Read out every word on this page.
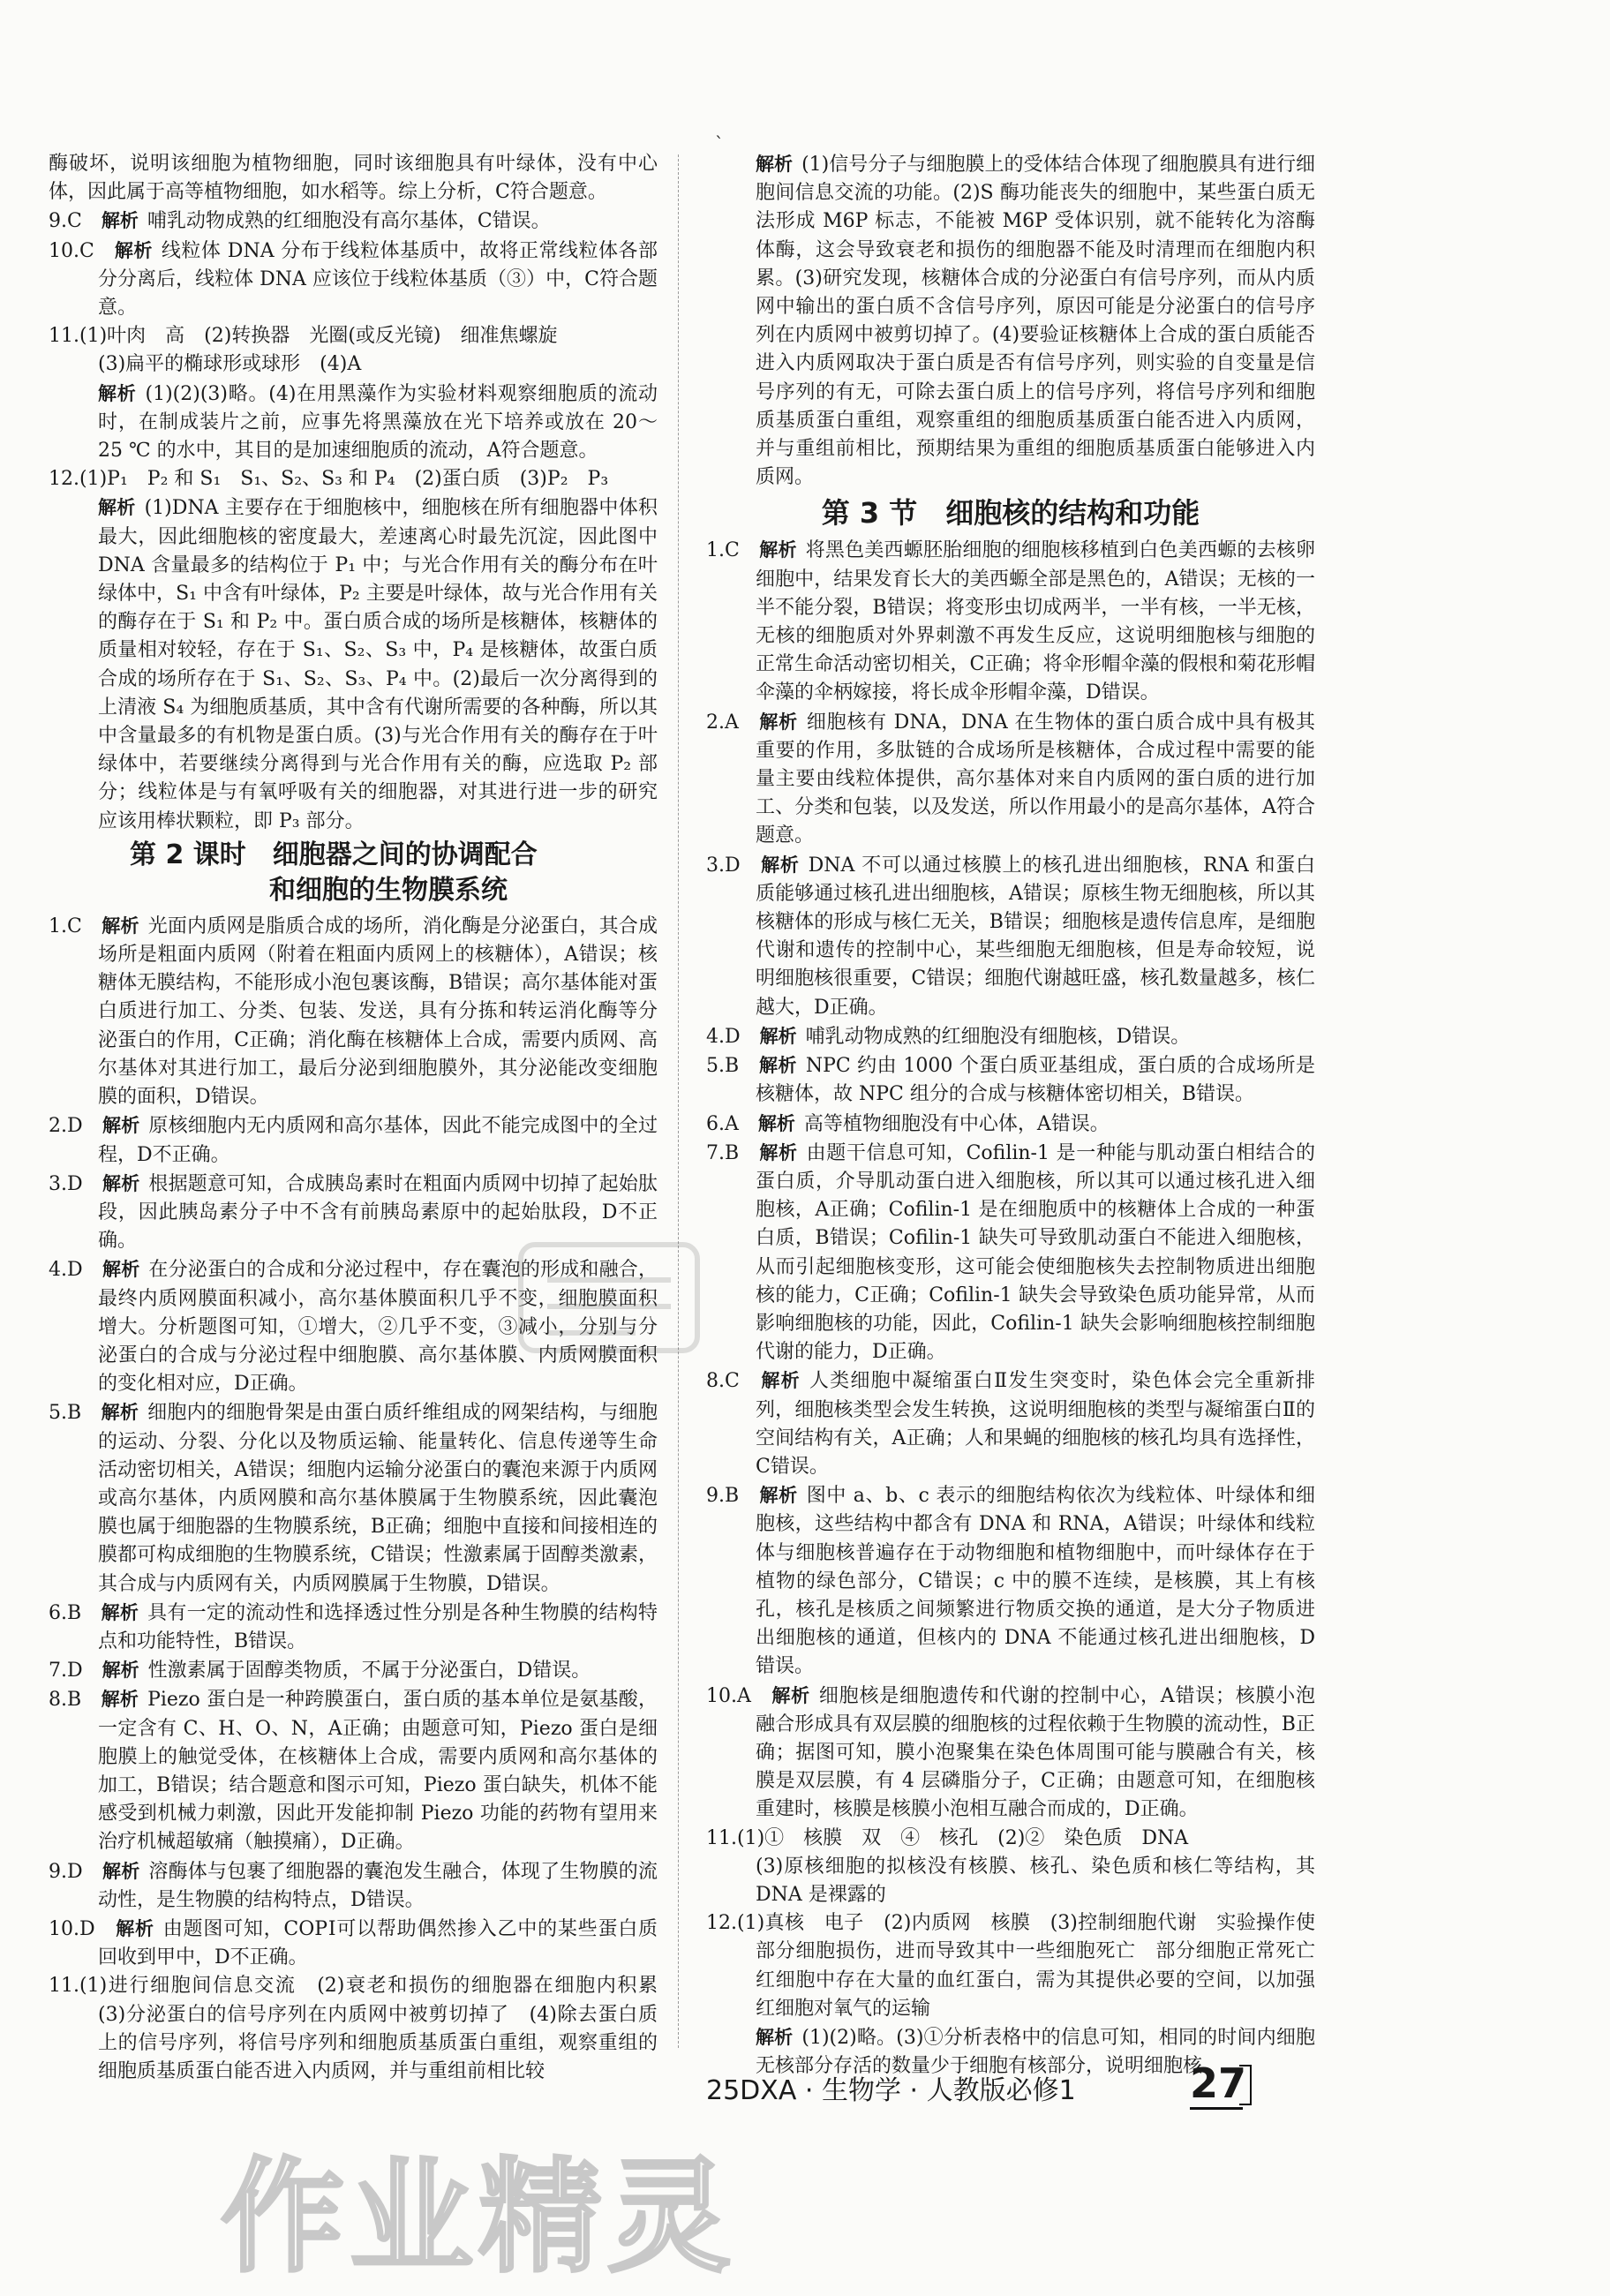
`

酶破坏，说明该细胞为植物细胞，同时该细胞具有叶绿体，没有中心体，因此属于高等植物细胞，如水稻等。综上分析，C符合题意。

9.C　 解析 哺乳动物成熟的红细胞没有高尔基体，C错误。

10.C　 解析 线粒体 DNA 分布于线粒体基质中，故将正常线粒体各部分分离后，线粒体 DNA 应该位于线粒体基质（③）中，C符合题意。

11.(1)叶肉　高　(2)转换器　光圈(或反光镜)　细准焦螺旋

(3)扁平的椭球形或球形　(4)A

解析 (1)(2)(3)略。(4)在用黑藻作为实验材料观察细胞质的流动时，在制成装片之前，应事先将黑藻放在光下培养或放在 20～25 ℃ 的水中，其目的是加速细胞质的流动，A符合题意。

12.(1)P₁　P₂ 和 S₁　S₁、S₂、S₃ 和 P₄　(2)蛋白质　(3)P₂　P₃

解析 (1)DNA 主要存在于细胞核中，细胞核在所有细胞器中体积最大，因此细胞核的密度最大，差速离心时最先沉淀，因此图中 DNA 含量最多的结构位于 P₁ 中；与光合作用有关的酶分布在叶绿体中，S₁ 中含有叶绿体，P₂ 主要是叶绿体，故与光合作用有关的酶存在于 S₁ 和 P₂ 中。蛋白质合成的场所是核糖体，核糖体的质量相对较轻，存在于 S₁、S₂、S₃ 中，P₄ 是核糖体，故蛋白质合成的场所存在于 S₁、S₂、S₃、P₄ 中。(2)最后一次分离得到的上清液 S₄ 为细胞质基质，其中含有代谢所需要的各种酶，所以其中含量最多的有机物是蛋白质。(3)与光合作用有关的酶存在于叶绿体中，若要继续分离得到与光合作用有关的酶，应选取 P₂ 部分；线粒体是与有氧呼吸有关的细胞器，对其进行进一步的研究应该用棒状颗粒，即 P₃ 部分。

第 2 课时　细胞器之间的协调配合
和细胞的生物膜系统

1.C　 解析 光面内质网是脂质合成的场所，消化酶是分泌蛋白，其合成场所是粗面内质网（附着在粗面内质网上的核糖体），A错误；核糖体无膜结构，不能形成小泡包裹该酶，B错误；高尔基体能对蛋白质进行加工、分类、包装、发送，具有分拣和转运消化酶等分泌蛋白的作用，C正确；消化酶在核糖体上合成，需要内质网、高尔基体对其进行加工，最后分泌到细胞膜外，其分泌能改变细胞膜的面积，D错误。

2.D　 解析 原核细胞内无内质网和高尔基体，因此不能完成图中的全过程，D不正确。

3.D　 解析 根据题意可知，合成胰岛素时在粗面内质网中切掉了起始肽段，因此胰岛素分子中不含有前胰岛素原中的起始肽段，D不正确。

4.D　 解析 在分泌蛋白的合成和分泌过程中，存在囊泡的形成和融合，最终内质网膜面积减小，高尔基体膜面积几乎不变，细胞膜面积增大。分析题图可知，①增大，②几乎不变，③减小，分别与分泌蛋白的合成与分泌过程中细胞膜、高尔基体膜、内质网膜面积的变化相对应，D正确。

5.B　 解析 细胞内的细胞骨架是由蛋白质纤维组成的网架结构，与细胞的运动、分裂、分化以及物质运输、能量转化、信息传递等生命活动密切相关，A错误；细胞内运输分泌蛋白的囊泡来源于内质网或高尔基体，内质网膜和高尔基体膜属于生物膜系统，因此囊泡膜也属于细胞器的生物膜系统，B正确；细胞中直接和间接相连的膜都可构成细胞的生物膜系统，C错误；性激素属于固醇类激素，其合成与内质网有关，内质网膜属于生物膜，D错误。

6.B　 解析 具有一定的流动性和选择透过性分别是各种生物膜的结构特点和功能特性，B错误。

7.D　 解析 性激素属于固醇类物质，不属于分泌蛋白，D错误。

8.B　 解析 Piezo 蛋白是一种跨膜蛋白，蛋白质的基本单位是氨基酸，一定含有 C、H、O、N，A正确；由题意可知，Piezo 蛋白是细胞膜上的触觉受体，在核糖体上合成，需要内质网和高尔基体的加工，B错误；结合题意和图示可知，Piezo 蛋白缺失，机体不能感受到机械力刺激，因此开发能抑制 Piezo 功能的药物有望用来治疗机械超敏痛（触摸痛），D正确。

9.D　 解析 溶酶体与包裹了细胞器的囊泡发生融合，体现了生物膜的流动性，是生物膜的结构特点，D错误。

10.D　 解析 由题图可知，COPⅠ可以帮助偶然掺入乙中的某些蛋白质回收到甲中，D不正确。

11.(1)进行细胞间信息交流　(2)衰老和损伤的细胞器在细胞内积累　(3)分泌蛋白的信号序列在内质网中被剪切掉了　(4)除去蛋白质上的信号序列，将信号序列和细胞质基质蛋白重组，观察重组的细胞质基质蛋白能否进入内质网，并与重组前相比较

解析 (1)信号分子与细胞膜上的受体结合体现了细胞膜具有进行细胞间信息交流的功能。(2)S 酶功能丧失的细胞中，某些蛋白质无法形成 M6P 标志，不能被 M6P 受体识别，就不能转化为溶酶体酶，这会导致衰老和损伤的细胞器不能及时清理而在细胞内积累。(3)研究发现，核糖体合成的分泌蛋白有信号序列，而从内质网中输出的蛋白质不含信号序列，原因可能是分泌蛋白的信号序列在内质网中被剪切掉了。(4)要验证核糖体上合成的蛋白质能否进入内质网取决于蛋白质是否有信号序列，则实验的自变量是信号序列的有无，可除去蛋白质上的信号序列，将信号序列和细胞质基质蛋白重组，观察重组的细胞质基质蛋白能否进入内质网，并与重组前相比，预期结果为重组的细胞质基质蛋白能够进入内质网。

第 3 节　细胞核的结构和功能

1.C　 解析 将黑色美西螈胚胎细胞的细胞核移植到白色美西螈的去核卵细胞中，结果发育长大的美西螈全部是黑色的，A错误；无核的一半不能分裂，B错误；将变形虫切成两半，一半有核，一半无核，无核的细胞质对外界刺激不再发生反应，这说明细胞核与细胞的正常生命活动密切相关，C正确；将伞形帽伞藻的假根和菊花形帽伞藻的伞柄嫁接，将长成伞形帽伞藻，D错误。

2.A　 解析 细胞核有 DNA，DNA 在生物体的蛋白质合成中具有极其重要的作用，多肽链的合成场所是核糖体，合成过程中需要的能量主要由线粒体提供，高尔基体对来自内质网的蛋白质的进行加工、分类和包装，以及发送，所以作用最小的是高尔基体，A符合题意。

3.D　 解析 DNA 不可以通过核膜上的核孔进出细胞核，RNA 和蛋白质能够通过核孔进出细胞核，A错误；原核生物无细胞核，所以其核糖体的形成与核仁无关，B错误；细胞核是遗传信息库，是细胞代谢和遗传的控制中心，某些细胞无细胞核，但是寿命较短，说明细胞核很重要，C错误；细胞代谢越旺盛，核孔数量越多，核仁越大，D正确。

4.D　 解析 哺乳动物成熟的红细胞没有细胞核，D错误。

5.B　 解析 NPC 约由 1000 个蛋白质亚基组成，蛋白质的合成场所是核糖体，故 NPC 组分的合成与核糖体密切相关，B错误。

6.A　 解析 高等植物细胞没有中心体，A错误。

7.B　 解析 由题干信息可知，Cofilin-1 是一种能与肌动蛋白相结合的蛋白质，介导肌动蛋白进入细胞核，所以其可以通过核孔进入细胞核，A正确；Cofilin-1 是在细胞质中的核糖体上合成的一种蛋白质，B错误；Cofilin-1 缺失可导致肌动蛋白不能进入细胞核，从而引起细胞核变形，这可能会使细胞核失去控制物质进出细胞核的能力，C正确；Cofilin-1 缺失会导致染色质功能异常，从而影响细胞核的功能，因此，Cofilin-1 缺失会影响细胞核控制细胞代谢的能力，D正确。

8.C　 解析 人类细胞中凝缩蛋白Ⅱ发生突变时，染色体会完全重新排列，细胞核类型会发生转换，这说明细胞核的类型与凝缩蛋白Ⅱ的空间结构有关，A正确；人和果蝇的细胞核的核孔均具有选择性，C错误。

9.B　 解析 图中 a、b、c 表示的细胞结构依次为线粒体、叶绿体和细胞核，这些结构中都含有 DNA 和 RNA，A错误；叶绿体和线粒体与细胞核普遍存在于动物细胞和植物细胞中，而叶绿体存在于植物的绿色部分，C错误；c 中的膜不连续，是核膜，其上有核孔，核孔是核质之间频繁进行物质交换的通道，是大分子物质进出细胞核的通道，但核内的 DNA 不能通过核孔进出细胞核，D错误。

10.A　 解析 细胞核是细胞遗传和代谢的控制中心，A错误；核膜小泡融合形成具有双层膜的细胞核的过程依赖于生物膜的流动性，B正确；据图可知，膜小泡聚集在染色体周围可能与膜融合有关，核膜是双层膜，有 4 层磷脂分子，C正确；由题意可知，在细胞核重建时，核膜是核膜小泡相互融合而成的，D正确。

11.(1)①　核膜　双　④　核孔　(2)②　染色质　DNA

(3)原核细胞的拟核没有核膜、核孔、染色质和核仁等结构，其 DNA 是裸露的

12.(1)真核　电子　(2)内质网　核膜　(3)控制细胞代谢　实验操作使部分细胞损伤，进而导致其中一些细胞死亡　部分细胞正常死亡　红细胞中存在大量的血红蛋白，需为其提供必要的空间，以加强红细胞对氧气的运输

解析 (1)(2)略。(3)①分析表格中的信息可知，相同的时间内细胞无核部分存活的数量少于细胞有核部分，说明细胞核

25DXA · 生物学 · 人教版必修1	27
作业精灵
